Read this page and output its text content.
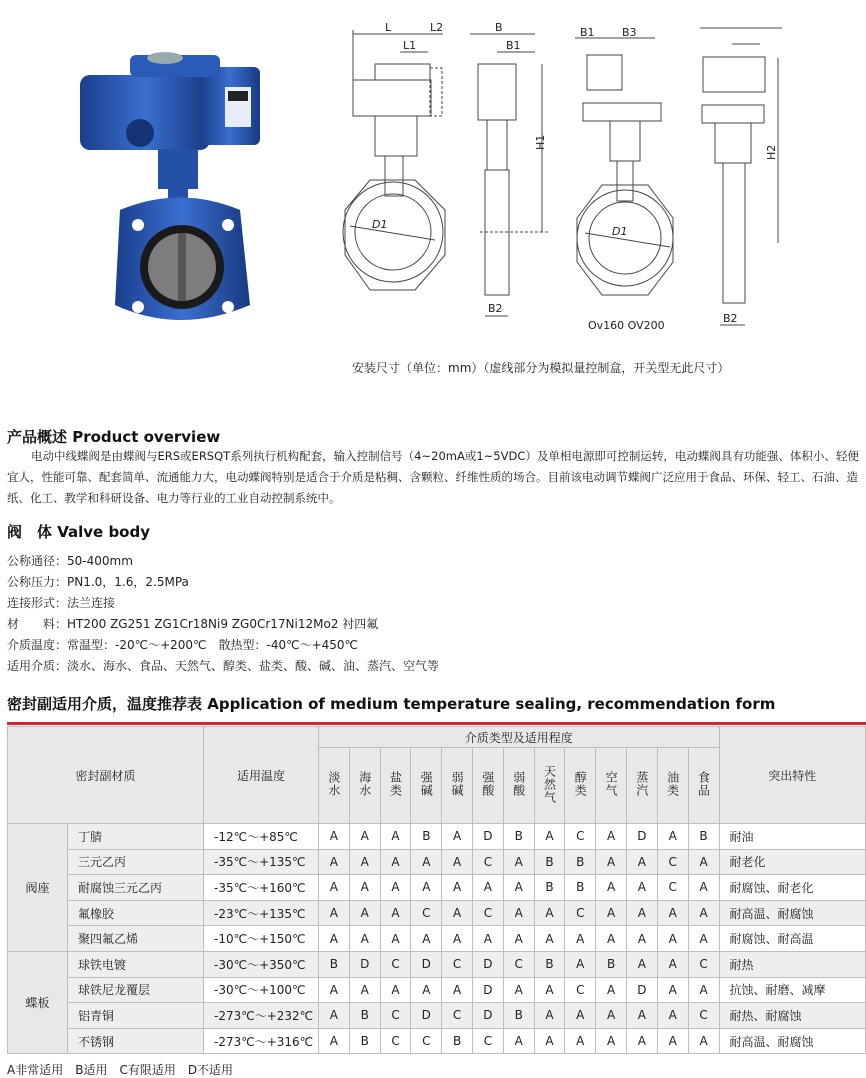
L	L2
L1
B
B1
H1
D1
B2
B1 B3
D1
H2
B2
Ov160 OV200
安装尺寸（单位：mm）（虚线部分为模拟量控制盒，开关型无此尺寸）
产品概述 Product overview
电动中线蝶阀是由蝶阀与ERS或ERSQT系列执行机构配套，输入控制信号（4~20mA或1~5VDC）及单相电源即可控制运转，电动蝶阀具有功能强、体积小、轻便宜人，性能可靠、配套简单、流通能力大，电动蝶阀特别是适合于介质是粘稠、含颗粒、纤维性质的场合。目前该电动调节蝶阀广泛应用于食品、环保、轻工、石油、造纸、化工、教学和科研设备、电力等行业的工业自动控制系统中。
阀　体 Valve body
公称通径：50-400mm
公称压力：PN1.0，1.6，2.5MPa
连接形式：法兰连接
材　　料：HT200 ZG251 ZG1Cr18Ni9 ZG0Cr17Ni12Mo2 衬四氟
介质温度：常温型：-20℃～+200℃　散热型：-40℃～+450℃
适用介质：淡水、海水、食品、天然气、醇类、盐类、酸、碱、油、蒸汽、空气等
密封副适用介质，温度推荐表 Application of medium temperature sealing, recommendation form
密封副材质		适用温度	介质类型及适用程度													突出特性
			淡水	海水	盐类	强碱	弱碱	强酸	弱酸	天然气	醇类	空气	蒸汽	油类	食品	
阀座	丁腈	-12℃～+85℃	A	A	A	B	A	D	B	A	C	A	D	A	B	耐油
	三元乙丙	-35℃～+135℃	A	A	A	A	A	C	A	B	B	A	A	C	A	耐老化
	耐腐蚀三元乙丙	-35℃～+160℃	A	A	A	A	A	A	A	B	B	A	A	C	A	耐腐蚀、耐老化
	氟橡胶	-23℃～+135℃	A	A	A	C	A	C	A	A	C	A	A	A	A	耐高温、耐腐蚀
	聚四氟乙烯	-10℃～+150℃	A	A	A	A	A	A	A	A	A	A	A	A	A	耐腐蚀、耐高温
蝶板	球铁电镀	-30℃～+350℃	B	D	C	D	C	D	C	B	A	B	A	A	C	耐热
	球铁尼龙覆层	-30℃～+100℃	A	A	A	A	A	D	A	A	C	A	D	A	A	抗蚀、耐磨、减摩
	铝青铜	-273℃～+232℃	A	B	C	D	C	D	B	A	A	A	A	A	C	耐热、耐腐蚀
	不锈钢	-273℃～+316℃	A	B	C	C	B	C	A	A	A	A	A	A	A	耐高温、耐腐蚀
A非常适用　B适用　C有限适用　D不适用
